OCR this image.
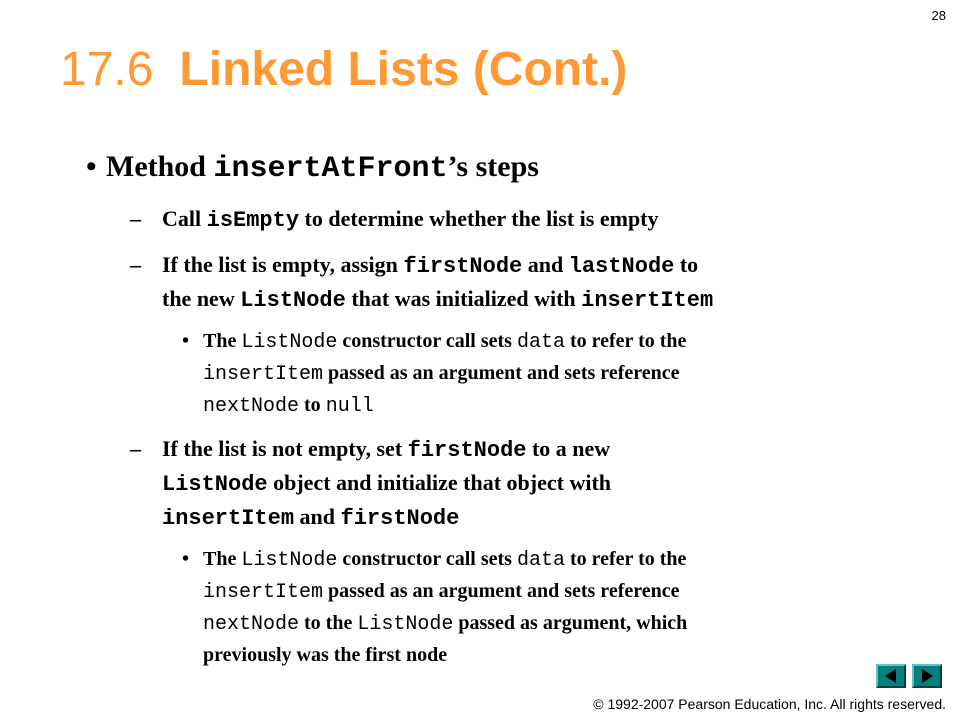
28
17.6 Linked Lists (Cont.)
• Method insertAtFront’s steps
– Call isEmpty to determine whether the list is empty
– If the list is empty, assign firstNode and lastNode to
the new ListNode that was initialized with insertItem
• The ListNode constructor call sets data to refer to the
insertItem passed as an argument and sets reference
nextNode to null
– If the list is not empty, set firstNode to a new
ListNode object and initialize that object with
insertItem and firstNode
• The ListNode constructor call sets data to refer to the
insertItem passed as an argument and sets reference
nextNode to the ListNode passed as argument, which
previously was the first node
© 1992-2007 Pearson Education, Inc. All rights reserved.
